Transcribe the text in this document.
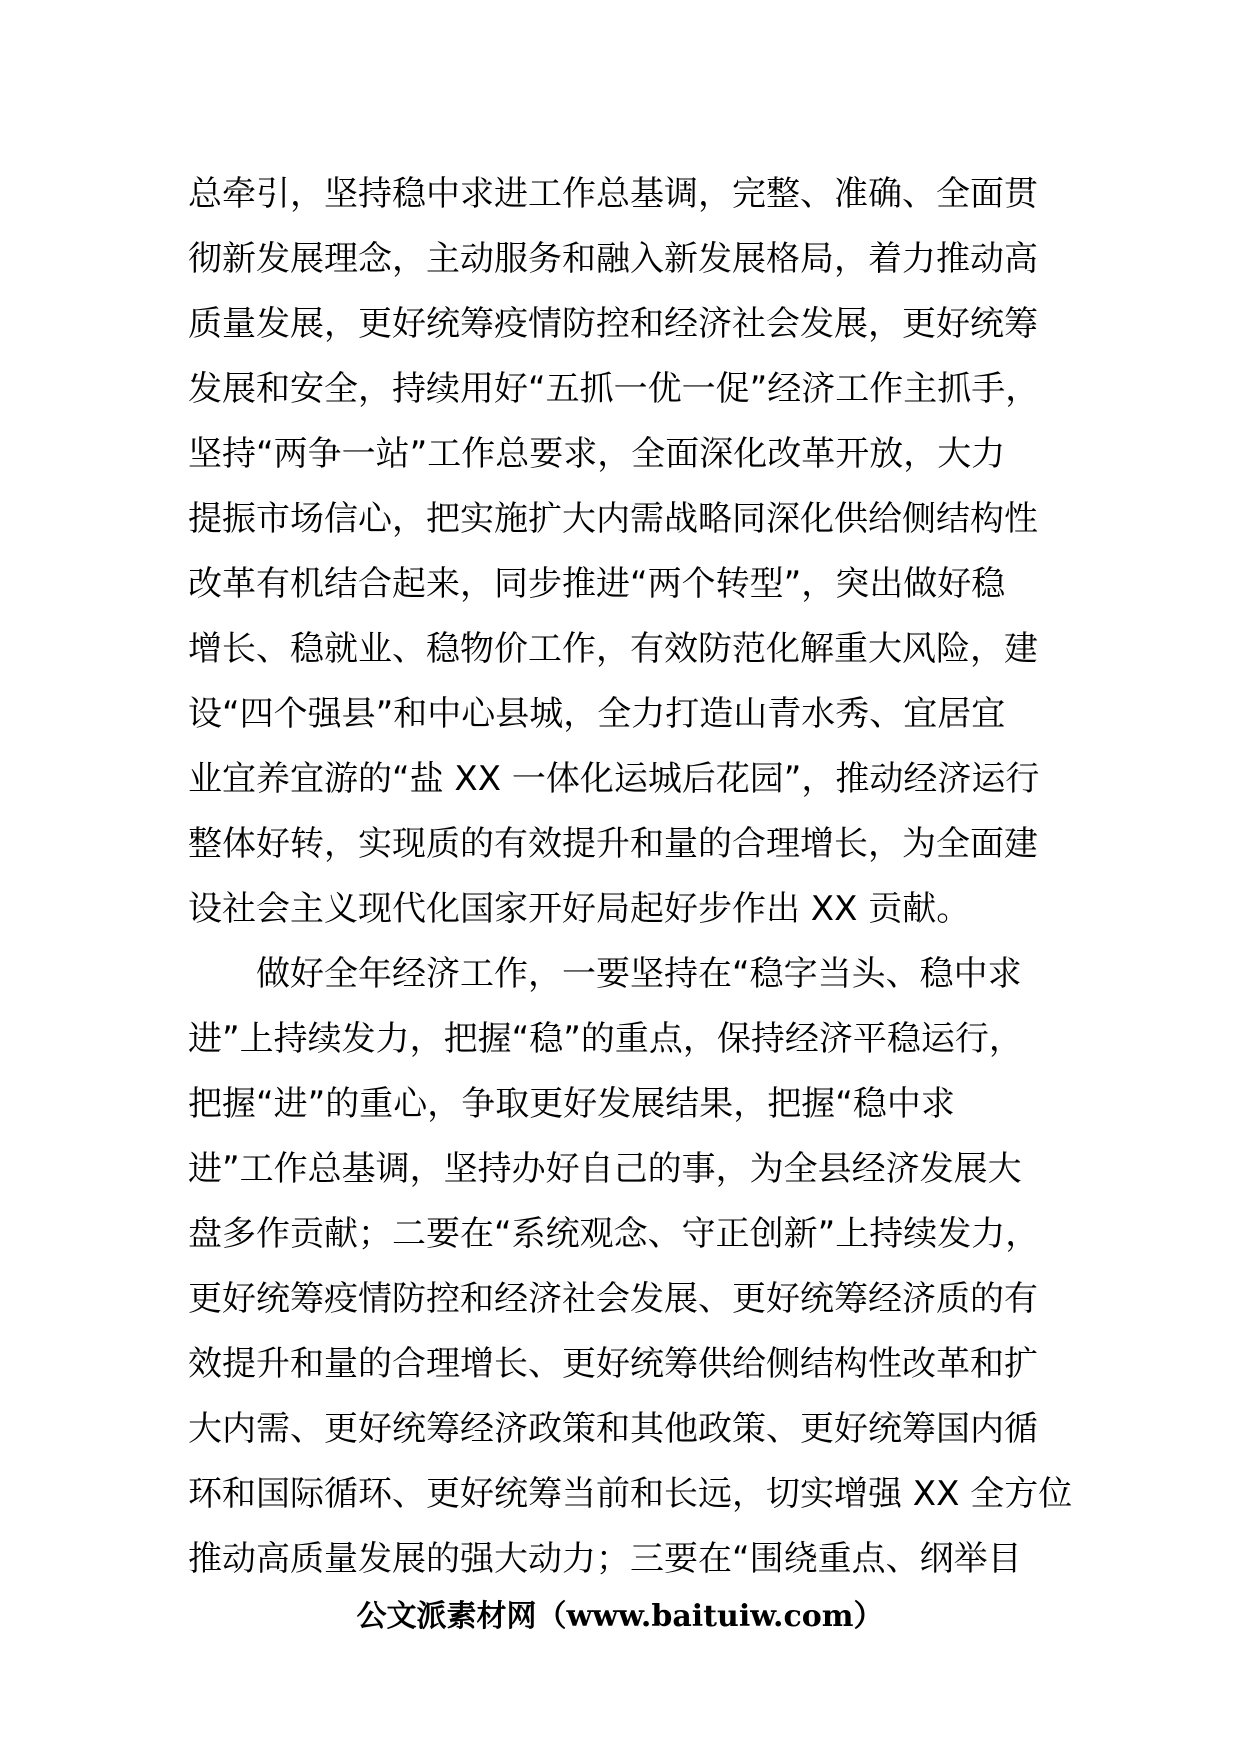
总牵引，坚持稳中求进工作总基调，完整、准确、全面贯
彻新发展理念，主动服务和融入新发展格局，着力推动高
质量发展，更好统筹疫情防控和经济社会发展，更好统筹
发展和安全，持续用好“五抓一优一促”经济工作主抓手，
坚持“两争一站”工作总要求，全面深化改革开放，大力
提振市场信心，把实施扩大内需战略同深化供给侧结构性
改革有机结合起来，同步推进“两个转型”，突出做好稳
增长、稳就业、稳物价工作，有效防范化解重大风险，建
设“四个强县”和中心县城，全力打造山青水秀、宜居宜
业宜养宜游的“盐 XX 一体化运城后花园”，推动经济运行
整体好转，实现质的有效提升和量的合理增长，为全面建
设社会主义现代化国家开好局起好步作出 XX 贡献。
做好全年经济工作，一要坚持在“稳字当头、稳中求
进”上持续发力，把握“稳”的重点，保持经济平稳运行，
把握“进”的重心，争取更好发展结果，把握“稳中求
进”工作总基调，坚持办好自己的事，为全县经济发展大
盘多作贡献；二要在“系统观念、守正创新”上持续发力，
更好统筹疫情防控和经济社会发展、更好统筹经济质的有
效提升和量的合理增长、更好统筹供给侧结构性改革和扩
大内需、更好统筹经济政策和其他政策、更好统筹国内循
环和国际循环、更好统筹当前和长远，切实增强 XX 全方位
推动高质量发展的强大动力；三要在“围绕重点、纲举目
公文派素材网（www.baituiw.com）
